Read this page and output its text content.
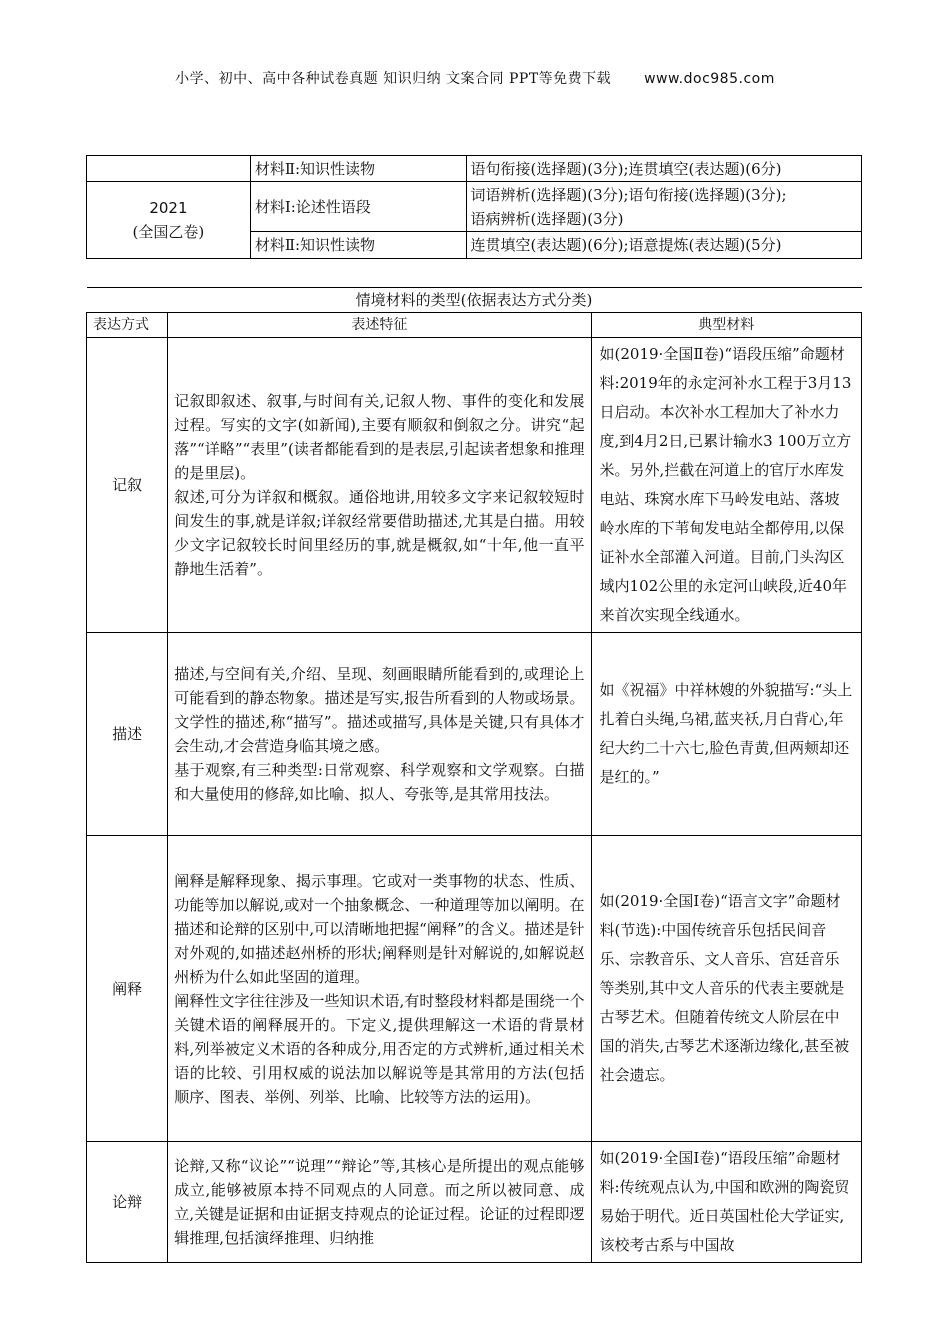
小学、初中、高中各种试卷真题 知识归纳 文案合同 PPT等免费下载 www.doc985.com
	材料Ⅱ:知识性读物	语句衔接(选择题)(3分);连贯填空(表达题)(6分)

2021
(全国乙卷)	材料Ⅰ:论述性语段	词语辨析(选择题)(3分);语句衔接(选择题)(3分);
语病辨析(选择题)(3分)

	材料Ⅱ:知识性读物	连贯填空(表达题)(6分);语意提炼(表达题)(5分)
情境材料的类型(依据表达方式分类)		
表达方式	表述特征	典型材料
记叙	记叙即叙述、叙事,与时间有关,记叙人物、事件的变化和发展过程。写实的文字(如新闻),主要有顺叙和倒叙之分。讲究“起落”“详略”“表里”(读者都能看到的是表层,引起读者想象和推理的是里层)。

叙述,可分为详叙和概叙。通俗地讲,用较多文字来记叙较短时间发生的事,就是详叙;详叙经常要借助描述,尤其是白描。用较少文字记叙较长时间里经历的事,就是概叙,如“十年,他一直平静地生活着”。	如(2019·全国Ⅱ卷)“语段压缩”命题材料:2019年的永定河补水工程于3月13日启动。本次补水工程加大了补水力度,到4月2日,已累计输水3 100万立方米。另外,拦截在河道上的官厅水库发电站、珠窝水库下马岭发电站、落坡岭水库的下苇甸发电站全都停用,以保证补水全部灌入河道。目前,门头沟区域内102公里的永定河山峡段,近40年来首次实现全线通水。

描述	描述,与空间有关,介绍、呈现、刻画眼睛所能看到的,或理论上可能看到的静态物象。描述是写实,报告所看到的人物或场景。文学性的描述,称“描写”。描述或描写,具体是关键,只有具体才会生动,才会营造身临其境之感。

基于观察,有三种类型:日常观察、科学观察和文学观察。白描和大量使用的修辞,如比喻、拟人、夸张等,是其常用技法。	如《祝福》中祥林嫂的外貌描写:“头上扎着白头绳,乌裙,蓝夹袄,月白背心,年纪大约二十六七,脸色青黄,但两颊却还是红的。”

阐释	阐释是解释现象、揭示事理。它或对一类事物的状态、性质、功能等加以解说,或对一个抽象概念、一种道理等加以阐明。在描述和论辩的区别中,可以清晰地把握“阐释”的含义。描述是针对外观的,如描述赵州桥的形状;阐释则是针对解说的,如解说赵州桥为什么如此坚固的道理。

阐释性文字往往涉及一些知识术语,有时整段材料都是围绕一个关键术语的阐释展开的。下定义,提供理解这一术语的背景材料,列举被定义术语的各种成分,用否定的方式辨析,通过相关术语的比较、引用权威的说法加以解说等是其常用的方法(包括顺序、图表、举例、列举、比喻、比较等方法的运用)。	如(2019·全国Ⅰ卷)“语言文字”命题材料(节选):中国传统音乐包括民间音乐、宗教音乐、文人音乐、宫廷音乐等类别,其中文人音乐的代表主要就是古琴艺术。但随着传统文人阶层在中国的消失,古琴艺术逐渐边缘化,甚至被社会遗忘。

论辩	论辩,又称“议论”“说理”“辩论”等,其核心是所提出的观点能够成立,能够被原本持不同观点的人同意。而之所以被同意、成立,关键是证据和由证据支持观点的论证过程。论证的过程即逻辑推理,包括演绎推理、归纳推	如(2019·全国Ⅰ卷)“语段压缩”命题材料:传统观点认为,中国和欧洲的陶瓷贸易始于明代。近日英国杜伦大学证实,该校考古系与中国故
